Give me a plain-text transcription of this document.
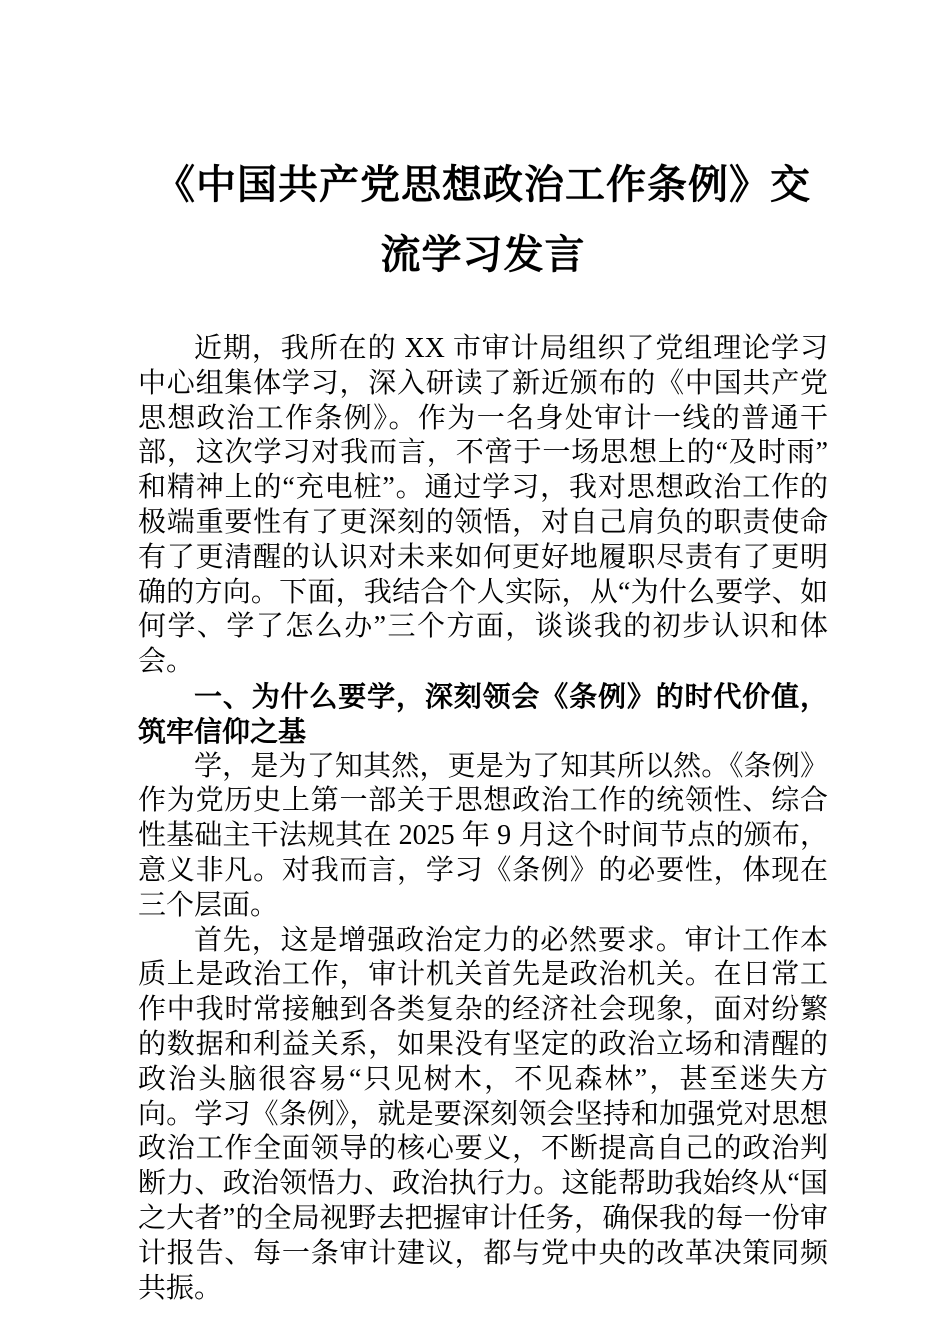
《中国共产党思想政治工作条例》交流学习发言

近期，我所在的 XX 市审计局组织了党组理论学习中心组集体学习，深入研读了新近颁布的《中国共产党思想政治工作条例》。作为一名身处审计一线的普通干部，这次学习对我而言，不啻于一场思想上的“及时雨”和精神上的“充电桩”。通过学习，我对思想政治工作的极端重要性有了更深刻的领悟，对自己肩负的职责使命有了更清醒的认识对未来如何更好地履职尽责有了更明确的方向。下面，我结合个人实际，从“为什么要学、如何学、学了怎么办”三个方面，谈谈我的初步认识和体会。

一、为什么要学，深刻领会《条例》的时代价值，筑牢信仰之基

学，是为了知其然，更是为了知其所以然。《条例》作为党历史上第一部关于思想政治工作的统领性、综合性基础主干法规其在 2025 年 9 月这个时间节点的颁布，意义非凡。对我而言，学习《条例》的必要性，体现在三个层面。

首先，这是增强政治定力的必然要求。审计工作本质上是政治工作，审计机关首先是政治机关。在日常工作中我时常接触到各类复杂的经济社会现象，面对纷繁的数据和利益关系，如果没有坚定的政治立场和清醒的政治头脑很容易“只见树木，不见森林”，甚至迷失方向。学习《条例》，就是要深刻领会坚持和加强党对思想政治工作全面领导的核心要义，不断提高自己的政治判断力、政治领悟力、政治执行力。这能帮助我始终从“国之大者”的全局视野去把握审计任务，确保我的每一份审计报告、每一条审计建议，都与党中央的改革决策同频共振。
